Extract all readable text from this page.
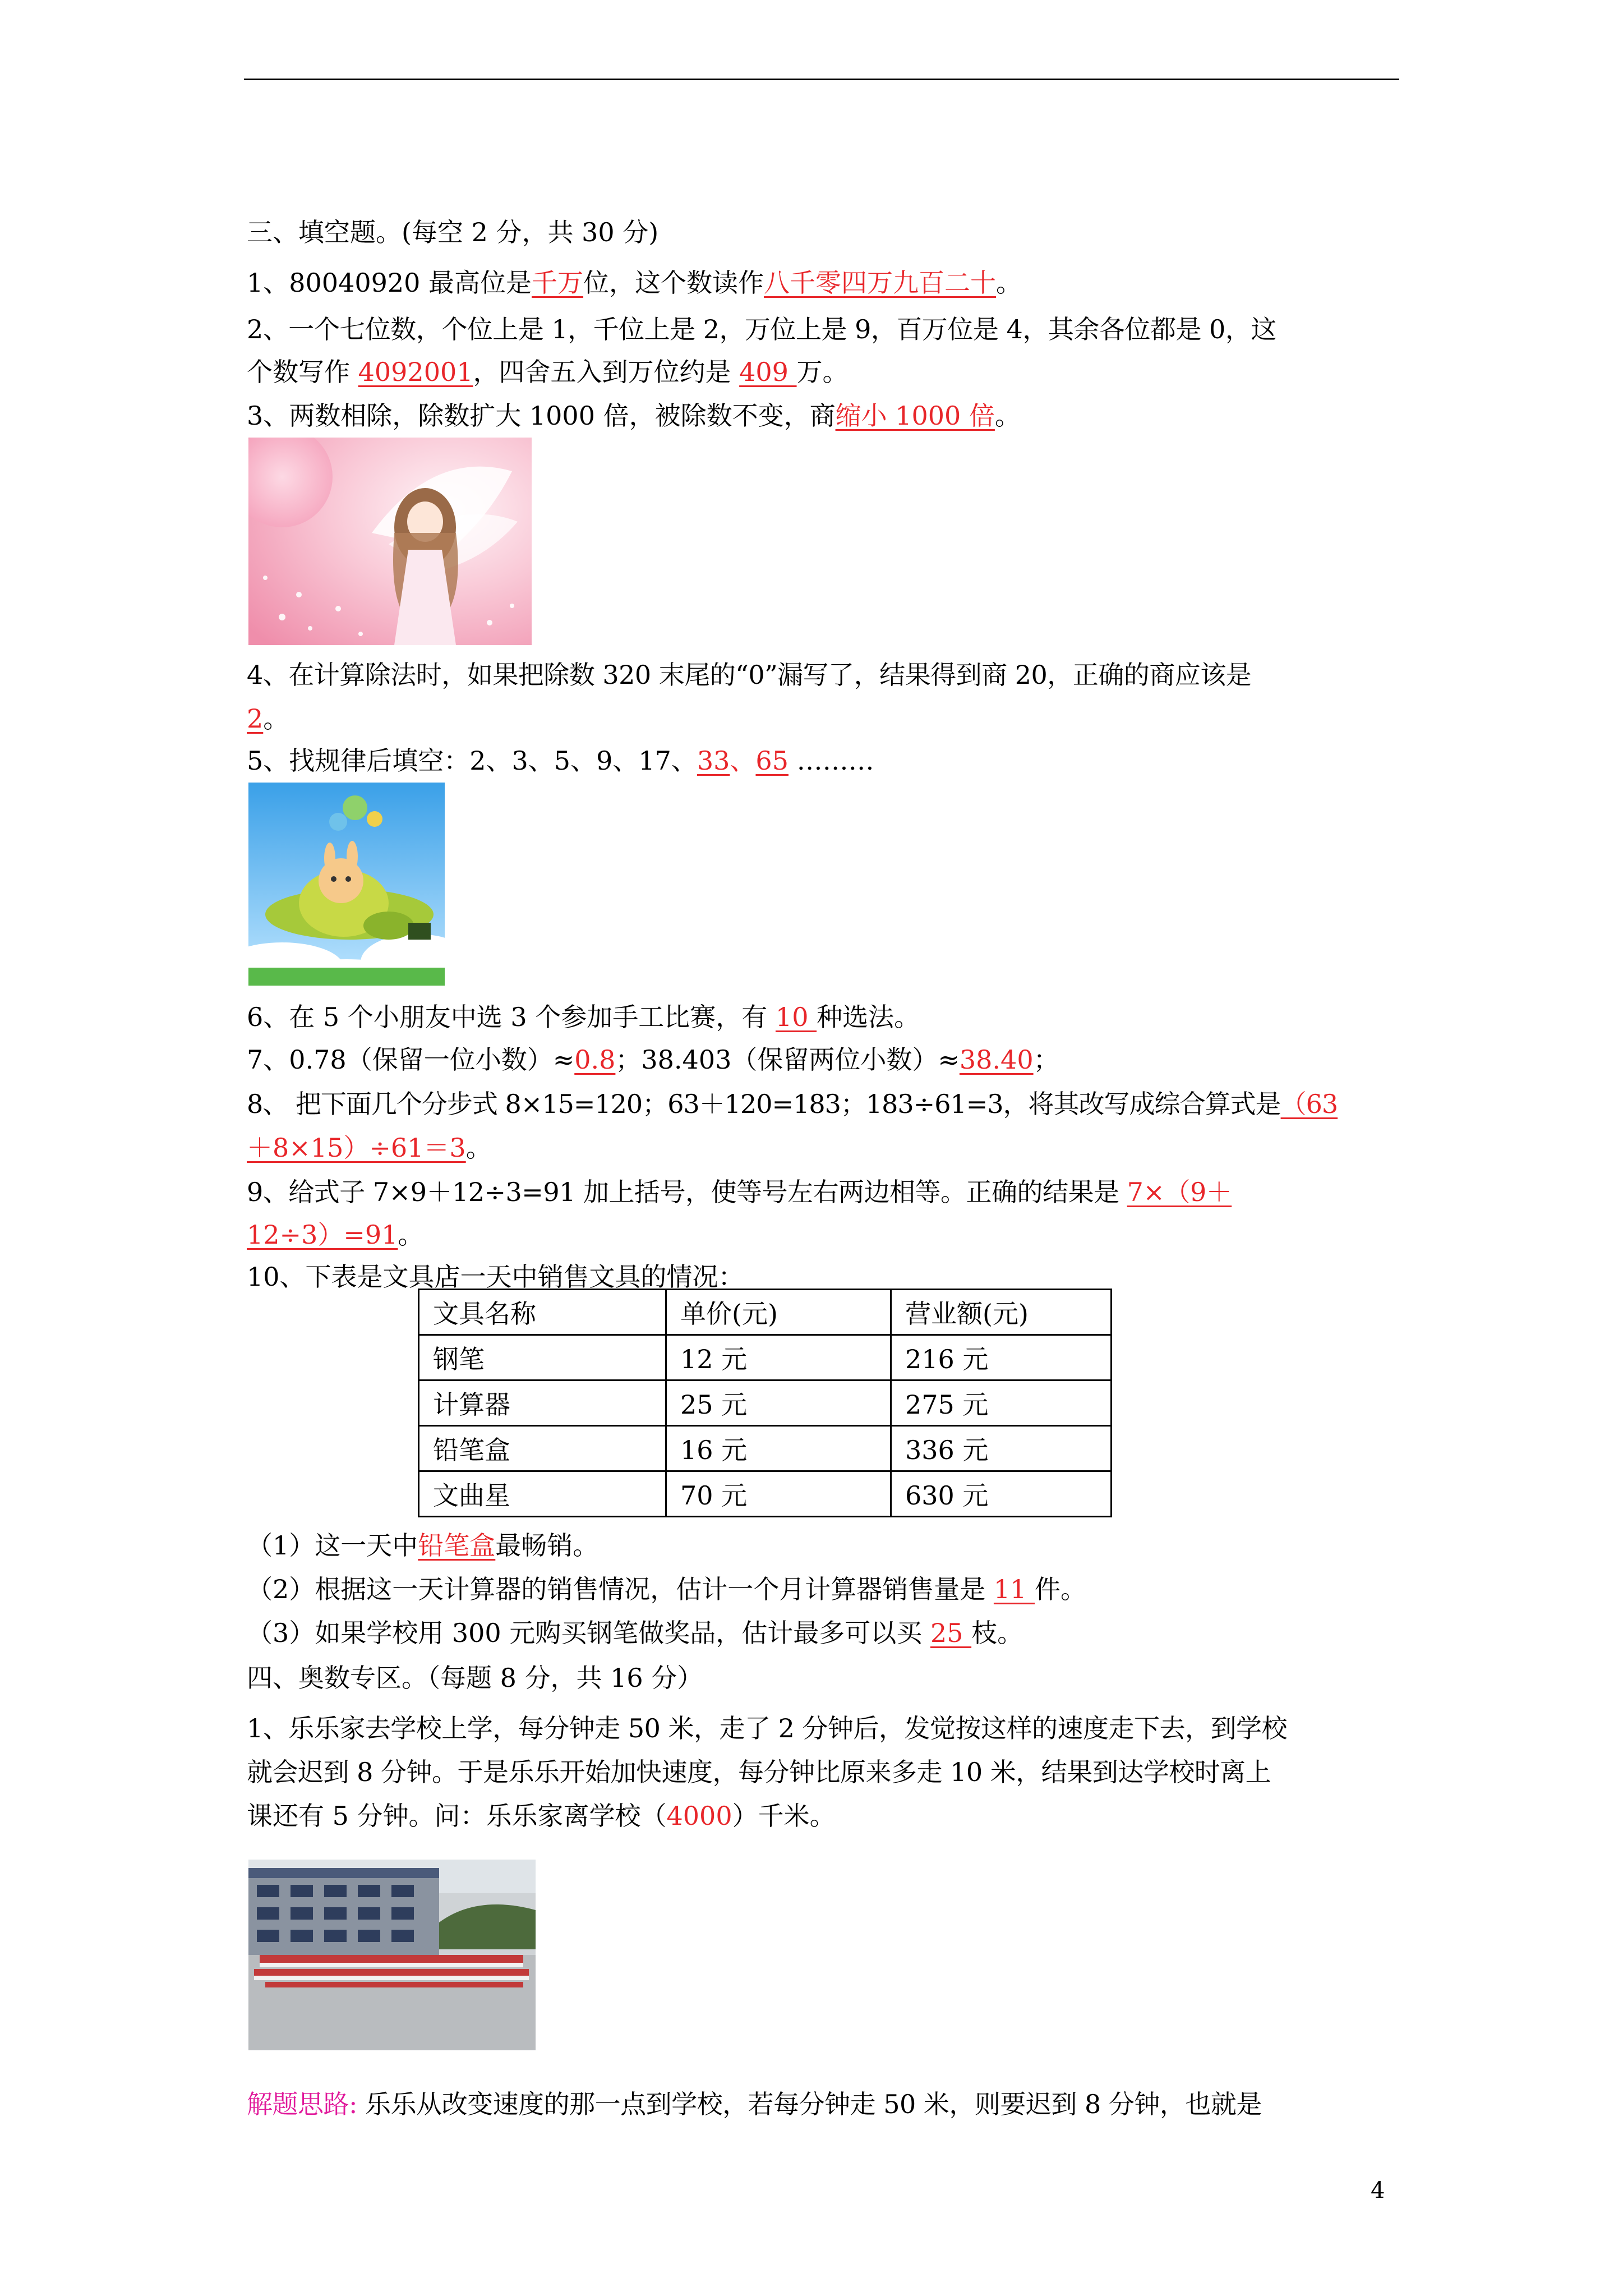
三、填空题。(每空 2 分，共 30 分)
1、80040920 最高位是千万位，这个数读作八千零四万九百二十。
2、一个七位数，个位上是 1，千位上是 2，万位上是 9，百万位是 4，其余各位都是 0，这
个数写作 4092001，四舍五入到万位约是 409 万。
3、两数相除，除数扩大 1000 倍，被除数不变，商缩小 1000 倍。
4、在计算除法时，如果把除数 320 末尾的“0”漏写了，结果得到商 20，正确的商应该是
2。
5、找规律后填空：2、3、5、9、17、33、65 ………
6、在 5 个小朋友中选 3 个参加手工比赛，有 10 种选法。
7、0.78（保留一位小数）≈0.8；38.403（保留两位小数）≈38.40；
8、 把下面几个分步式 8×15=120；63＋120=183；183÷61=3，将其改写成综合算式是（63
＋8×15）÷61＝3。
9、给式子 7×9＋12÷3=91 加上括号，使等号左右两边相等。正确的结果是 7×（9＋
12÷3）=91。
10、下表是文具店一天中销售文具的情况：
文具名称	单价(元)	营业额(元)
钢笔	12 元	216 元
计算器	25 元	275 元
铅笔盒	16 元	336 元
文曲星	70 元	630 元
（1）这一天中铅笔盒最畅销。
（2）根据这一天计算器的销售情况，估计一个月计算器销售量是 11 件。
（3）如果学校用 300 元购买钢笔做奖品，估计最多可以买 25 枝。
四、奥数专区。（每题 8 分，共 16 分）
1、乐乐家去学校上学，每分钟走 50 米，走了 2 分钟后，发觉按这样的速度走下去，到学校
就会迟到 8 分钟。于是乐乐开始加快速度，每分钟比原来多走 10 米，结果到达学校时离上
课还有 5 分钟。问：乐乐家离学校（4000）千米。
解题思路: 乐乐从改变速度的那一点到学校，若每分钟走 50 米，则要迟到 8 分钟，也就是
4
